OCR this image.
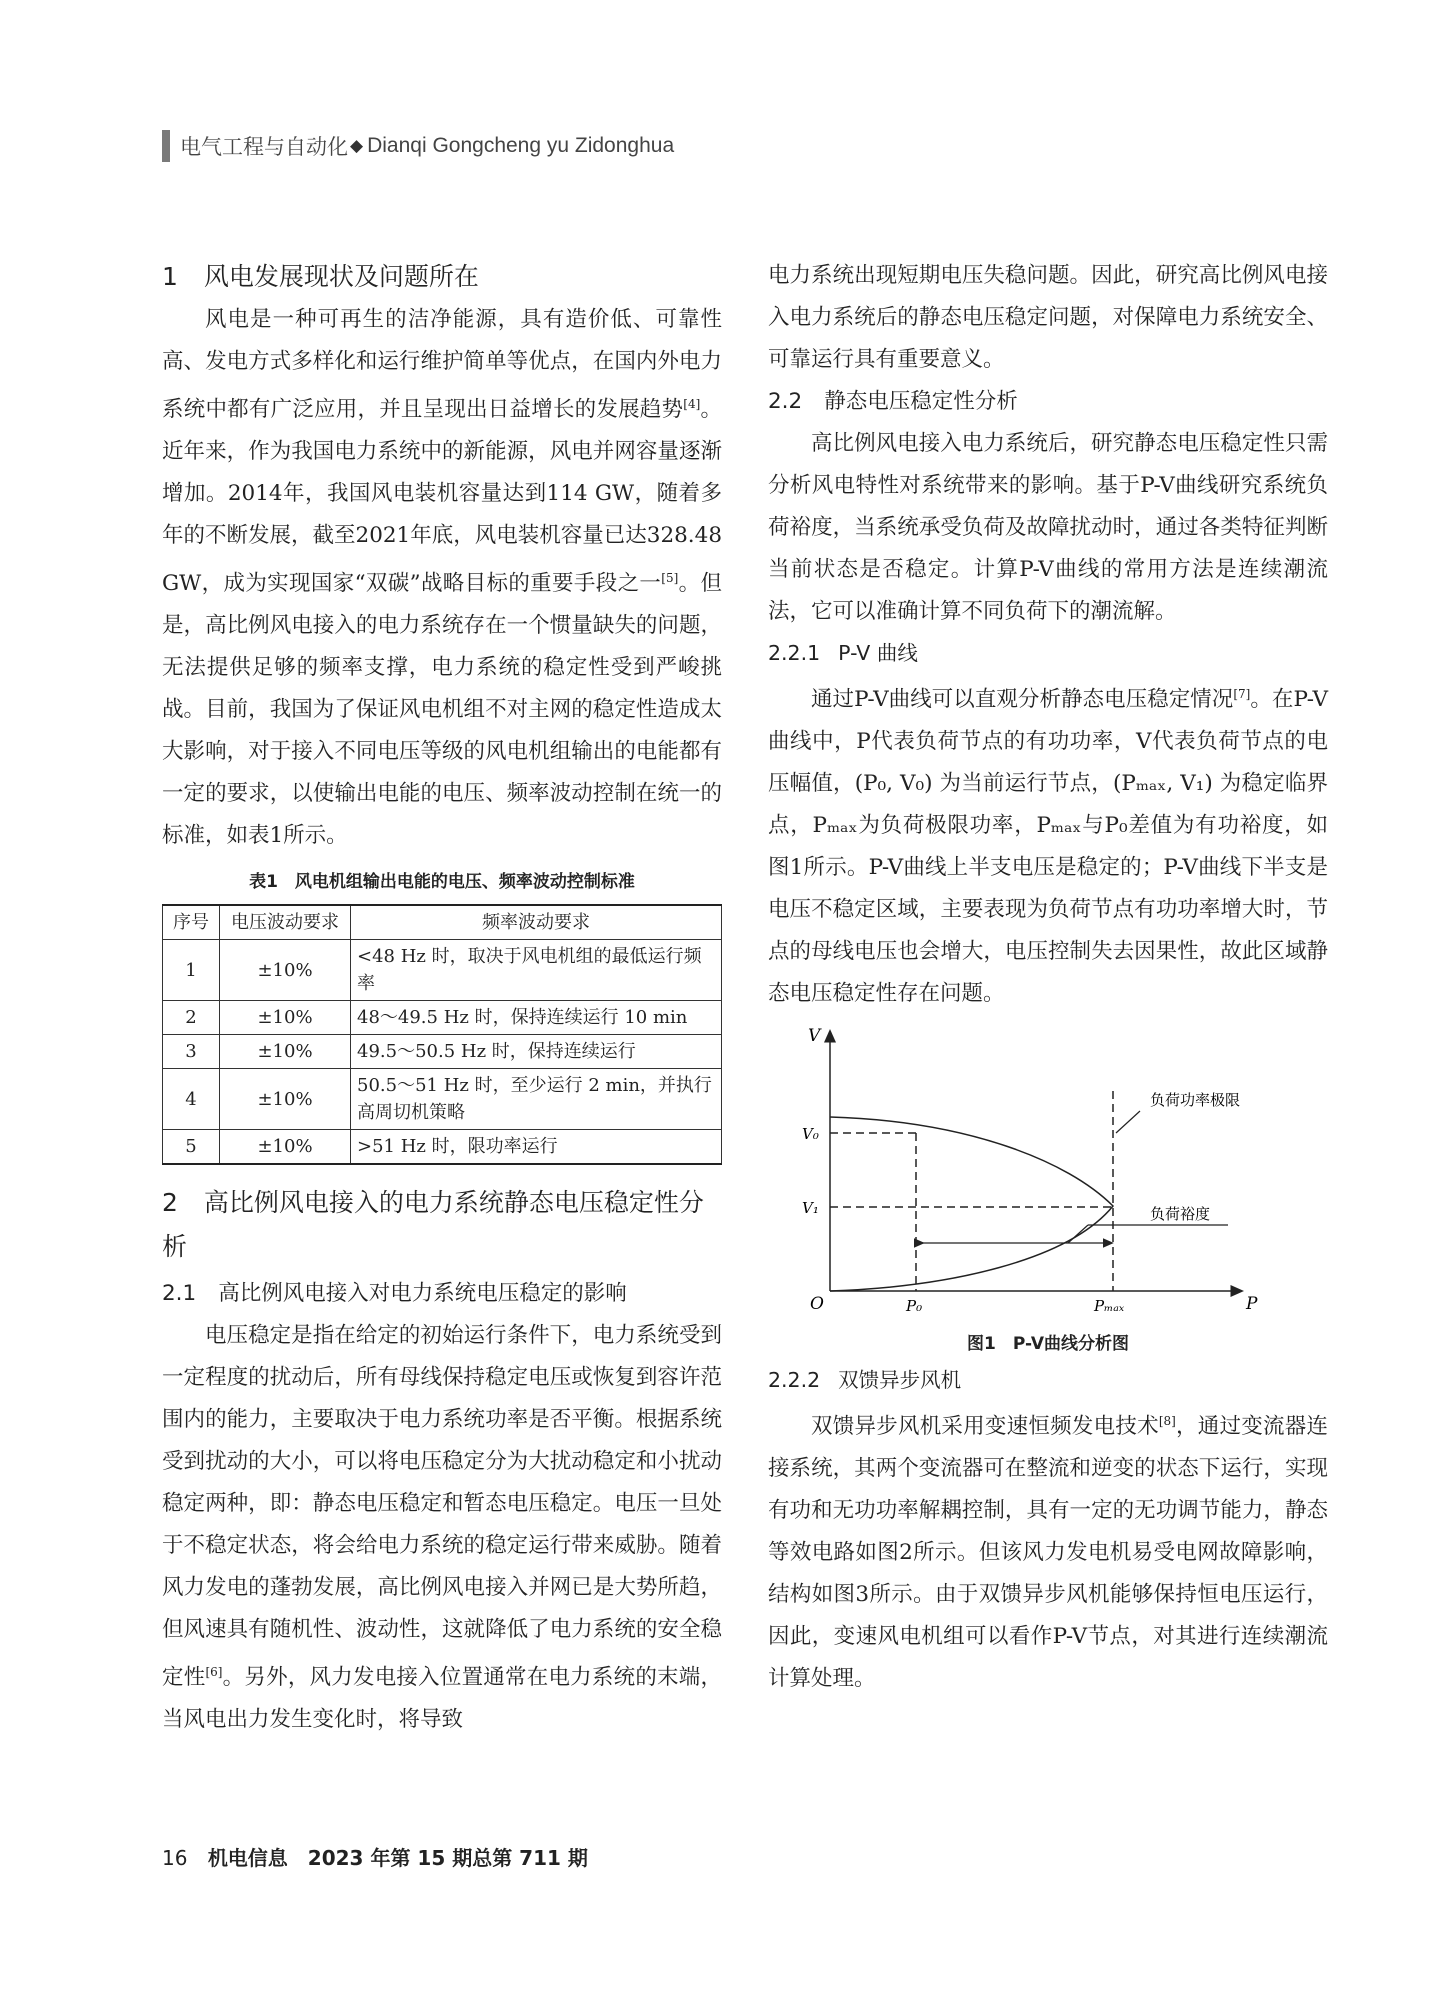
电气工程与自动化 ◆ Dianqi Gongcheng yu Zidonghua
1 风电发展现状及问题所在

风电是一种可再生的洁净能源，具有造价低、可靠性高、发电方式多样化和运行维护简单等优点，在国内外电力系统中都有广泛应用，并且呈现出日益增长的发展趋势[4]。近年来，作为我国电力系统中的新能源，风电并网容量逐渐增加。2014年，我国风电装机容量达到114 GW，随着多年的不断发展，截至2021年底，风电装机容量已达328.48 GW，成为实现国家“双碳”战略目标的重要手段之一[5]。但是，高比例风电接入的电力系统存在一个惯量缺失的问题，无法提供足够的频率支撑，电力系统的稳定性受到严峻挑战。目前，我国为了保证风电机组不对主网的稳定性造成太大影响，对于接入不同电压等级的风电机组输出的电能都有一定的要求，以使输出电能的电压、频率波动控制在统一的标准，如表1所示。

表1　风电机组输出电能的电压、频率波动控制标准
序号	电压波动要求	频率波动要求
1	±10%	<48 Hz 时，取决于风电机组的最低运行频率
2	±10%	48～49.5 Hz 时，保持连续运行 10 min
3	±10%	49.5～50.5 Hz 时，保持连续运行
4	±10%	50.5～51 Hz 时，至少运行 2 min，并执行高周切机策略
5	±10%	>51 Hz 时，限功率运行
2 高比例风电接入的电力系统静态电压稳定性分析
2.1 高比例风电接入对电力系统电压稳定的影响

电压稳定是指在给定的初始运行条件下，电力系统受到一定程度的扰动后，所有母线保持稳定电压或恢复到容许范围内的能力，主要取决于电力系统功率是否平衡。根据系统受到扰动的大小，可以将电压稳定分为大扰动稳定和小扰动稳定两种，即：静态电压稳定和暂态电压稳定。电压一旦处于不稳定状态，将会给电力系统的稳定运行带来威胁。随着风力发电的蓬勃发展，高比例风电接入并网已是大势所趋，但风速具有随机性、波动性，这就降低了电力系统的安全稳定性[6]。另外，风力发电接入位置通常在电力系统的末端，当风电出力发生变化时，将导致

电力系统出现短期电压失稳问题。因此，研究高比例风电接入电力系统后的静态电压稳定问题，对保障电力系统安全、可靠运行具有重要意义。

2.2 静态电压稳定性分析

高比例风电接入电力系统后，研究静态电压稳定性只需分析风电特性对系统带来的影响。基于P-V曲线研究系统负荷裕度，当系统承受负荷及故障扰动时，通过各类特征判断当前状态是否稳定。计算P-V曲线的常用方法是连续潮流法，它可以准确计算不同负荷下的潮流解。

2.2.1 P-V 曲线

通过P-V曲线可以直观分析静态电压稳定情况[7]。在P-V曲线中，P代表负荷节点的有功功率，V代表负荷节点的电压幅值，(P₀, V₀) 为当前运行节点，(Pₘₐₓ, V₁) 为稳定临界点，Pₘₐₓ为负荷极限功率，Pₘₐₓ与P₀差值为有功裕度，如图1所示。P-V曲线上半支电压是稳定的；P-V曲线下半支是电压不稳定区域，主要表现为负荷节点有功功率增大时，节点的母线电压也会增大，电压控制失去因果性，故此区域静态电压稳定性存在问题。

V
P
O
V₀
V₁
P₀	Pₘₐₓ
负荷功率极限
负荷裕度
图1　P-V曲线分析图
2.2.2 双馈异步风机

双馈异步风机采用变速恒频发电技术[8]，通过变流器连接系统，其两个变流器可在整流和逆变的状态下运行，实现有功和无功功率解耦控制，具有一定的无功调节能力，静态等效电路如图2所示。但该风力发电机易受电网故障影响，结构如图3所示。由于双馈异步风机能够保持恒电压运行，因此，变速风电机组可以看作P-V节点，对其进行连续潮流计算处理。

16 机电信息　2023 年第 15 期总第 711 期
